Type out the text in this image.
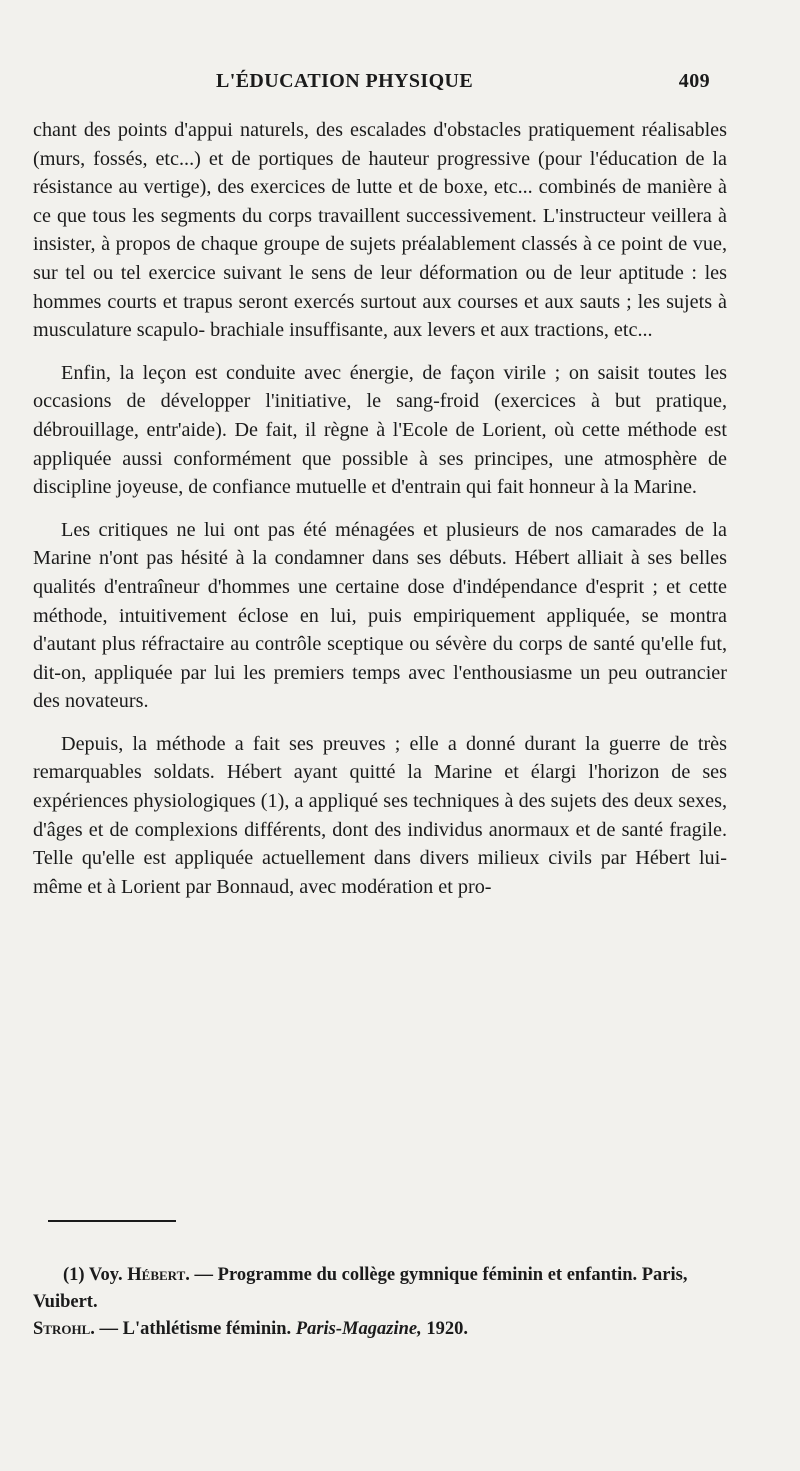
L'ÉDUCATION PHYSIQUE	409

chant des points d'appui naturels, des escalades d'obstacles pratiquement réalisables (murs, fossés, etc...) et de portiques de hauteur progressive (pour l'éducation de la résistance au vertige), des exercices de lutte et de boxe, etc... combinés de manière à ce que tous les segments du corps travaillent successivement. L'instructeur veillera à insister, à propos de chaque groupe de sujets préalablement classés à ce point de vue, sur tel ou tel exercice suivant le sens de leur déformation ou de leur aptitude : les hommes courts et trapus seront exercés surtout aux courses et aux sauts ; les sujets à musculature scapulo- brachiale insuffisante, aux levers et aux tractions, etc...

Enfin, la leçon est conduite avec énergie, de façon virile ; on saisit toutes les occasions de développer l'initiative, le sang-froid (exercices à but pratique, débrouillage, entr'aide). De fait, il règne à l'Ecole de Lorient, où cette méthode est appliquée aussi conformément que possible à ses principes, une atmosphère de discipline joyeuse, de confiance mutuelle et d'entrain qui fait honneur à la Marine.

Les critiques ne lui ont pas été ménagées et plusieurs de nos camarades de la Marine n'ont pas hésité à la condamner dans ses débuts. Hébert alliait à ses belles qualités d'entraîneur d'hommes une certaine dose d'indépendance d'esprit ; et cette méthode, intuitivement éclose en lui, puis empiriquement appliquée, se montra d'autant plus réfractaire au contrôle sceptique ou sévère du corps de santé qu'elle fut, dit-on, appliquée par lui les premiers temps avec l'enthousiasme un peu outrancier des novateurs.

Depuis, la méthode a fait ses preuves ; elle a donné durant la guerre de très remarquables soldats. Hébert ayant quitté la Marine et élargi l'horizon de ses expériences physiologiques (1), a appliqué ses techniques à des sujets des deux sexes, d'âges et de complexions différents, dont des individus anormaux et de santé fragile. Telle qu'elle est appliquée actuellement dans divers milieux civils par Hébert lui-même et à Lorient par Bonnaud, avec modération et pro-

(1) Voy. Hébert. — Programme du collège gymnique féminin et enfantin. Paris, Vuibert.

Strohl. — L'athlétisme féminin. Paris-Magazine, 1920.
